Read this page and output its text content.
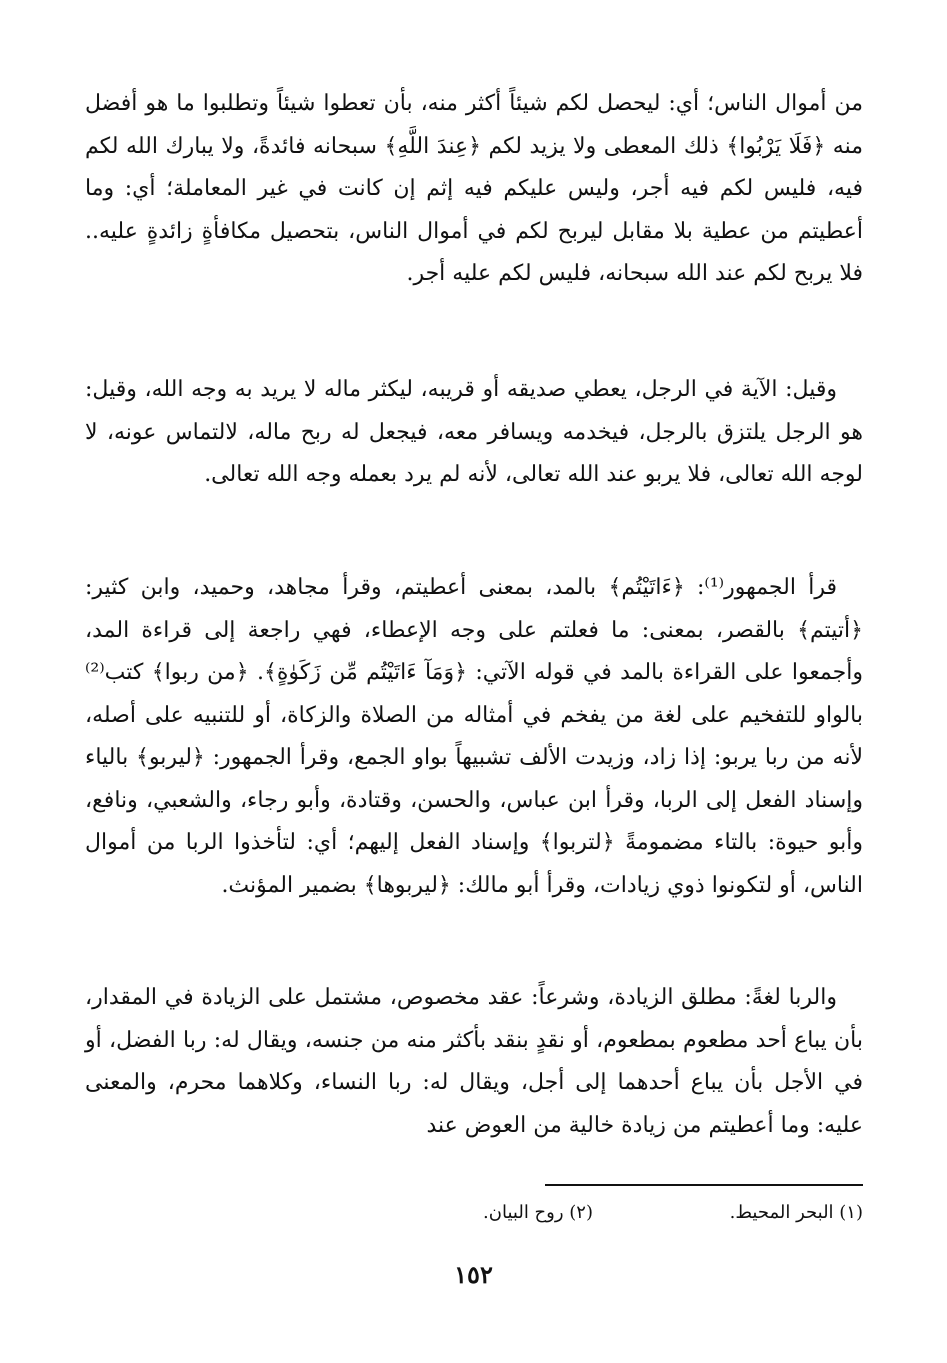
من أموال الناس؛ أي: ليحصل لكم شيئاً أكثر منه، بأن تعطوا شيئاً وتطلبوا ما هو أفضل منه ﴿فَلَا يَرْبُوا﴾ ذلك المعطى ولا يزيد لكم ﴿عِندَ اللَّهِ﴾ سبحانه فائدةً، ولا يبارك الله لكم فيه، فليس لكم فيه أجر، وليس عليكم فيه إثم إن كانت في غير المعاملة؛ أي: وما أعطيتم من عطية بلا مقابل ليربح لكم في أموال الناس، بتحصيل مكافأةٍ زائدةٍ عليه.. فلا يربح لكم عند الله سبحانه، فليس لكم عليه أجر.

وقيل: الآية في الرجل، يعطي صديقه أو قريبه، ليكثر ماله لا يريد به وجه الله، وقيل: هو الرجل يلتزق بالرجل، فيخدمه ويسافر معه، فيجعل له ربح ماله، لالتماس عونه، لا لوجه الله تعالى، فلا يربو عند الله تعالى، لأنه لم يرد بعمله وجه الله تعالى.

قرأ الجمهور⁽¹⁾: ﴿ءَاتَيْتُم﴾ بالمد، بمعنى أعطيتم، وقرأ مجاهد، وحميد، وابن كثير: ﴿أتيتم﴾ بالقصر، بمعنى: ما فعلتم على وجه الإعطاء، فهي راجعة إلى قراءة المد، وأجمعوا على القراءة بالمد في قوله الآتي: ﴿وَمَآ ءَاتَيْتُم مِّن زَكَوٰةٍ﴾. ﴿من ربوا﴾ كتب⁽²⁾ بالواو للتفخيم على لغة من يفخم في أمثاله من الصلاة والزكاة، أو للتنبيه على أصله، لأنه من ربا يربو: إذا زاد، وزيدت الألف تشبيهاً بواو الجمع، وقرأ الجمهور: ﴿ليربو﴾ بالياء وإسناد الفعل إلى الربا، وقرأ ابن عباس، والحسن، وقتادة، وأبو رجاء، والشعبي، ونافع، وأبو حيوة: بالتاء مضمومةً ﴿لتربوا﴾ وإسناد الفعل إليهم؛ أي: لتأخذوا الربا من أموال الناس، أو لتكونوا ذوي زيادات، وقرأ أبو مالك: ﴿ليربوها﴾ بضمير المؤنث.

والربا لغةً: مطلق الزيادة، وشرعاً: عقد مخصوص، مشتمل على الزيادة في المقدار، بأن يباع أحد مطعوم بمطعوم، أو نقدٍ بنقد بأكثر منه من جنسه، ويقال له: ربا الفضل، أو في الأجل بأن يباع أحدهما إلى أجل، ويقال له: ربا النساء، وكلاهما محرم، والمعنى عليه: وما أعطيتم من زيادة خالية من العوض عند

(١) البحر المحيط.
(٢) روح البيان.
١٥٢
